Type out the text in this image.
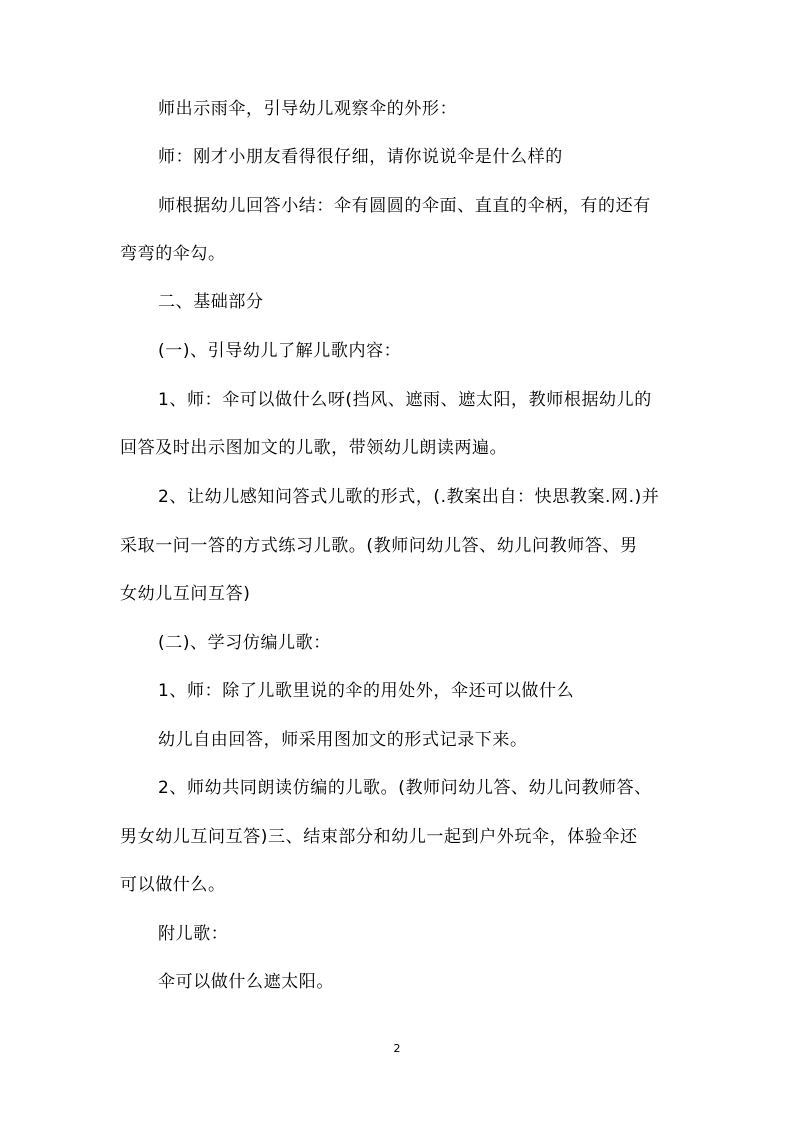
师出示雨伞，引导幼儿观察伞的外形：
师：刚才小朋友看得很仔细，请你说说伞是什么样的
师根据幼儿回答小结：伞有圆圆的伞面、直直的伞柄，有的还有
弯弯的伞勾。
二、基础部分
(一)、引导幼儿了解儿歌内容：
1、师：伞可以做什么呀(挡风、遮雨、遮太阳，教师根据幼儿的
回答及时出示图加文的儿歌，带领幼儿朗读两遍。
2、让幼儿感知问答式儿歌的形式，(.教案出自：快思教案.网.)并
采取一问一答的方式练习儿歌。(教师问幼儿答、幼儿问教师答、男
女幼儿互问互答)
(二)、学习仿编儿歌：
1、师：除了儿歌里说的伞的用处外，伞还可以做什么
幼儿自由回答，师采用图加文的形式记录下来。
2、师幼共同朗读仿编的儿歌。(教师问幼儿答、幼儿问教师答、
男女幼儿互问互答)三、结束部分和幼儿一起到户外玩伞，体验伞还
可以做什么。
附儿歌：
伞可以做什么遮太阳。
2
